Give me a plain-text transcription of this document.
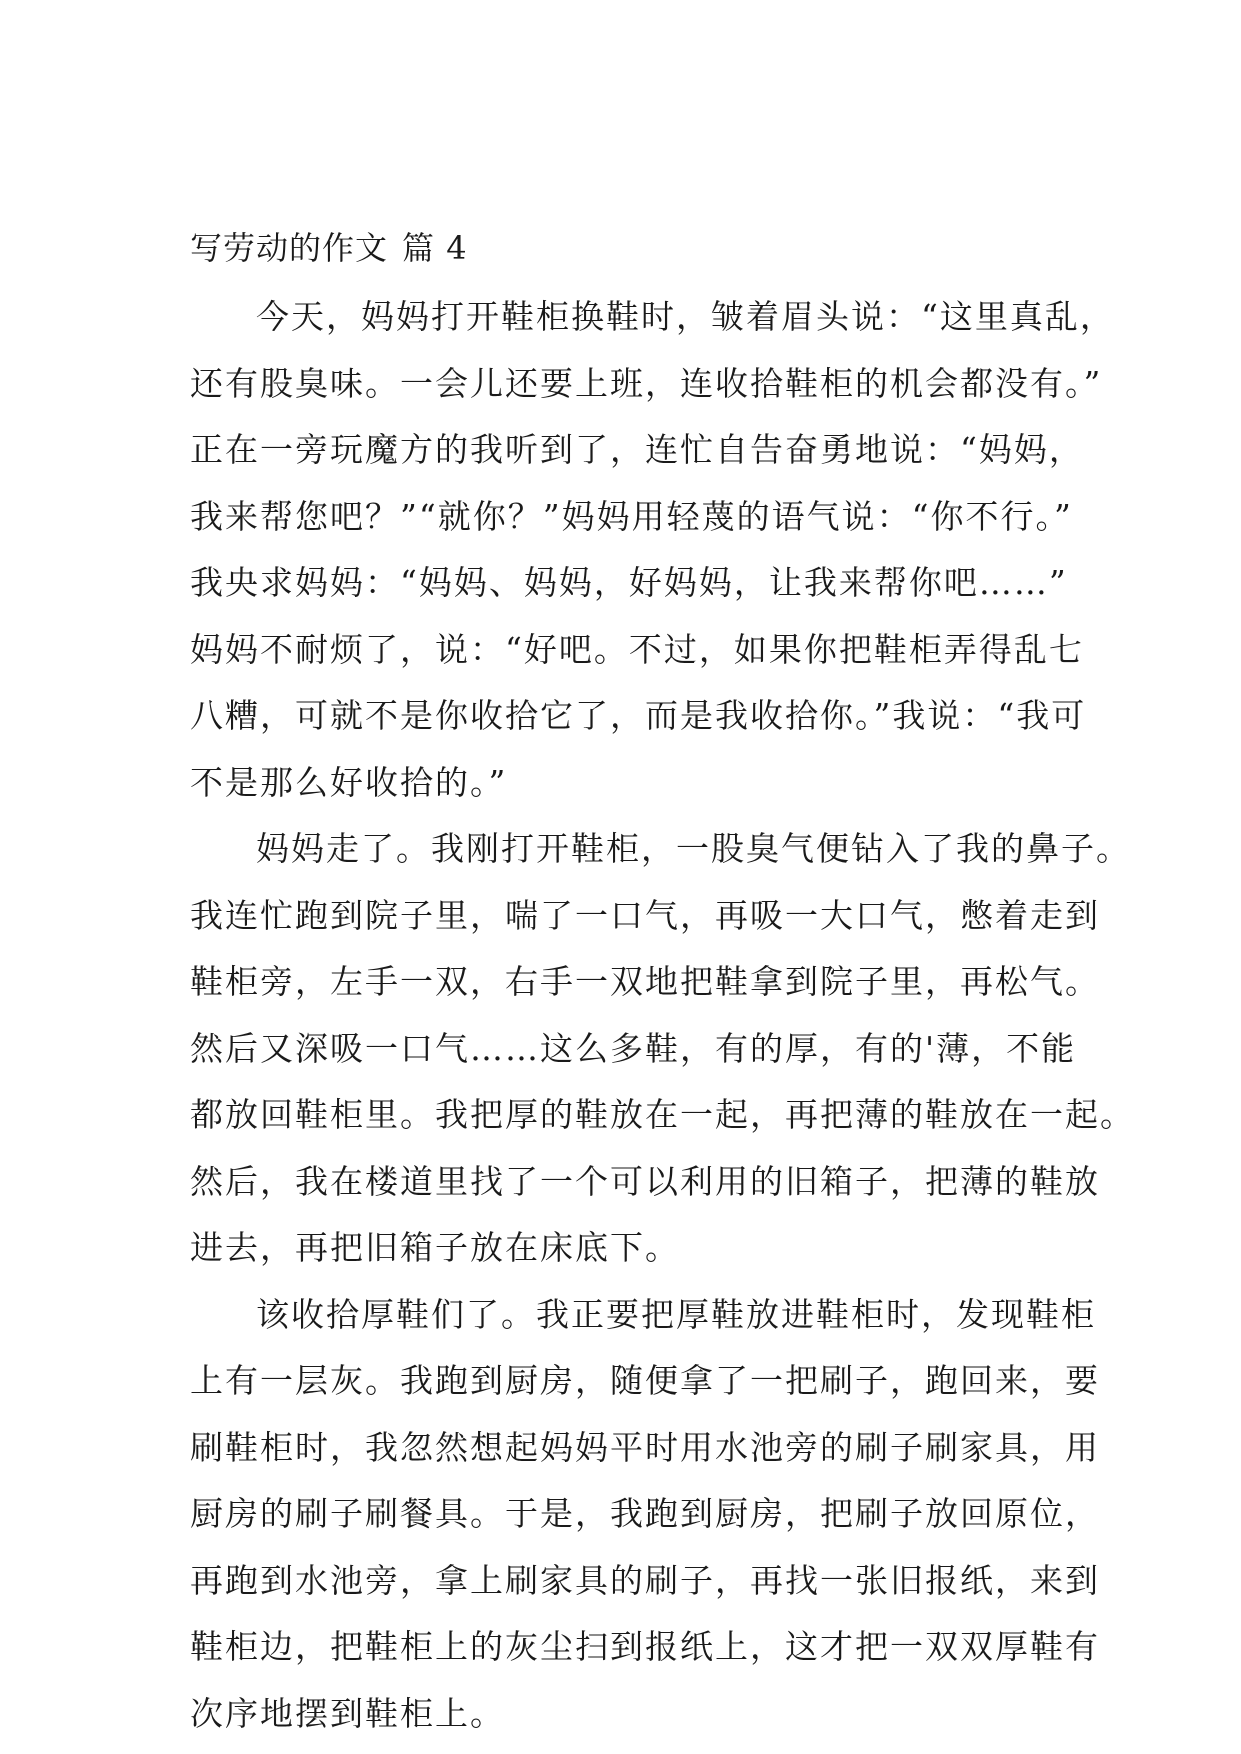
写劳动的作文 篇 4

今天，妈妈打开鞋柜换鞋时，皱着眉头说：“这里真乱，

还有股臭味。一会儿还要上班，连收拾鞋柜的机会都没有。”

正在一旁玩魔方的我听到了，连忙自告奋勇地说：“妈妈，

我来帮您吧？”“就你？”妈妈用轻蔑的语气说：“你不行。”

我央求妈妈：“妈妈、妈妈，好妈妈，让我来帮你吧……”

妈妈不耐烦了，说：“好吧。不过，如果你把鞋柜弄得乱七

八糟，可就不是你收拾它了，而是我收拾你。”我说：“我可

不是那么好收拾的。”

妈妈走了。我刚打开鞋柜，一股臭气便钻入了我的鼻子。

我连忙跑到院子里，喘了一口气，再吸一大口气，憋着走到

鞋柜旁，左手一双，右手一双地把鞋拿到院子里，再松气。

然后又深吸一口气……这么多鞋，有的厚，有的'薄，不能

都放回鞋柜里。我把厚的鞋放在一起，再把薄的鞋放在一起。

然后，我在楼道里找了一个可以利用的旧箱子，把薄的鞋放

进去，再把旧箱子放在床底下。

该收拾厚鞋们了。我正要把厚鞋放进鞋柜时，发现鞋柜

上有一层灰。我跑到厨房，随便拿了一把刷子，跑回来，要

刷鞋柜时，我忽然想起妈妈平时用水池旁的刷子刷家具，用

厨房的刷子刷餐具。于是，我跑到厨房，把刷子放回原位，

再跑到水池旁，拿上刷家具的刷子，再找一张旧报纸，来到

鞋柜边，把鞋柜上的灰尘扫到报纸上，这才把一双双厚鞋有

次序地摆到鞋柜上。
